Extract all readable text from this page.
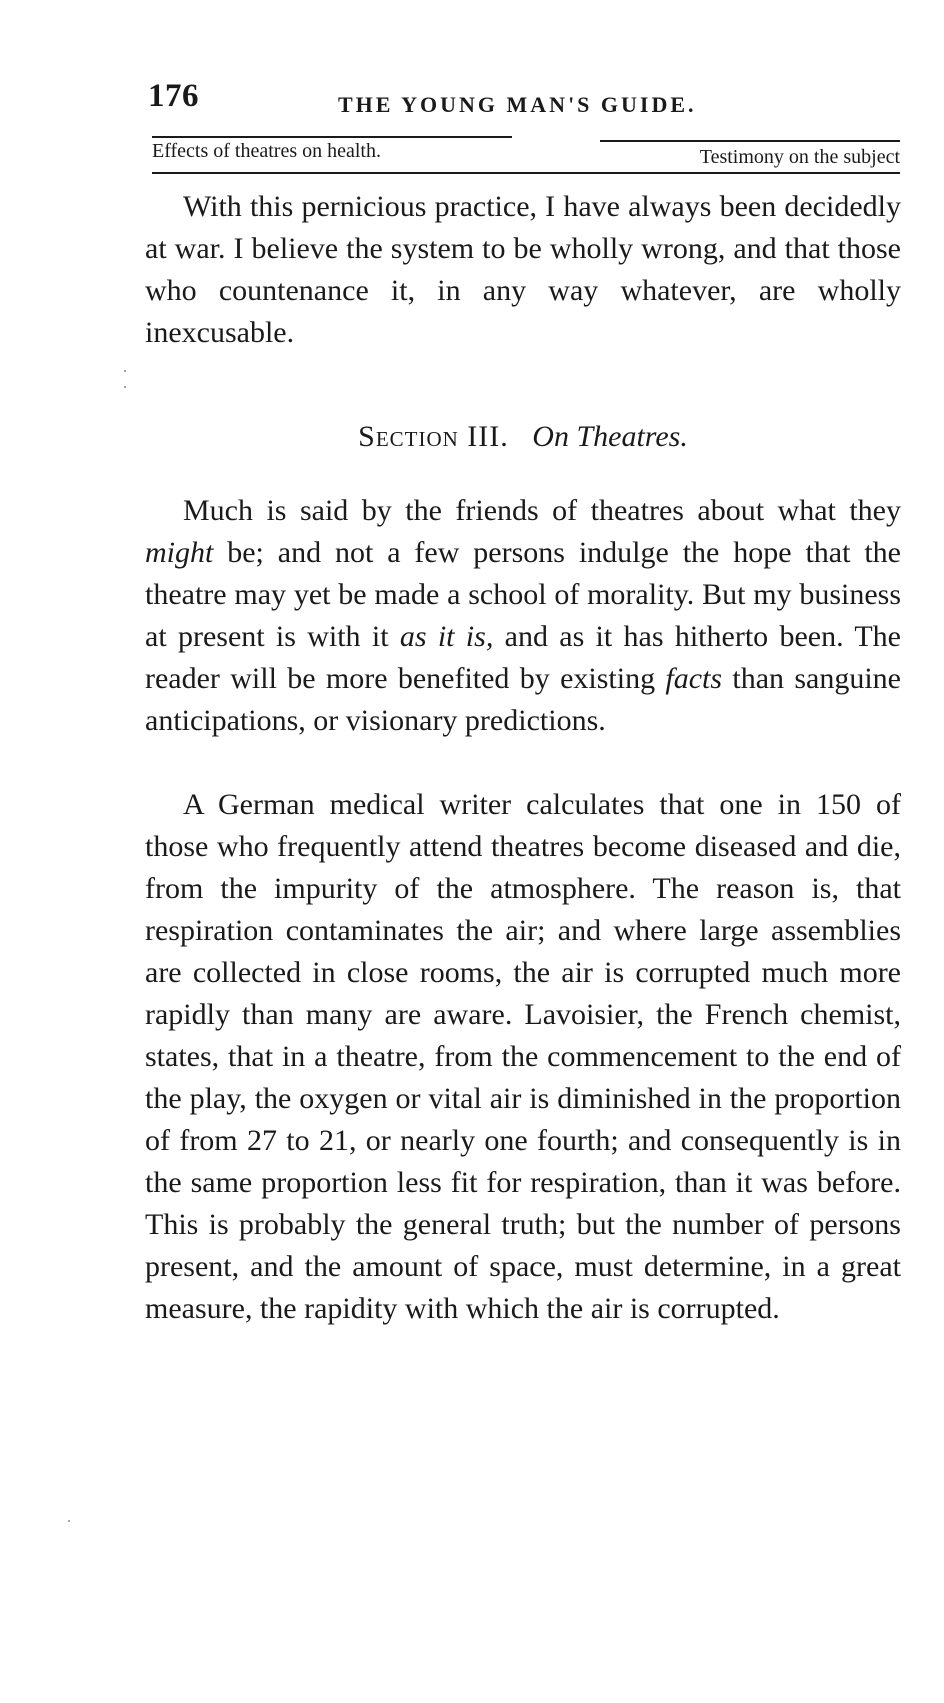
176	THE YOUNG MAN'S GUIDE.
Effects of theatres on health.	Testimony on the subject

With this pernicious practice, I have always been decidedly at war. I believe the system to be wholly wrong, and that those who countenance it, in any way whatever, are wholly inexcusable.

Section III. On Theatres.

Much is said by the friends of theatres about what they might be; and not a few persons indulge the hope that the theatre may yet be made a school of morality. But my business at present is with it as it is, and as it has hitherto been. The reader will be more benefited by existing facts than sanguine anticipations, or visionary predictions.

A German medical writer calculates that one in 150 of those who frequently attend theatres become diseased and die, from the impurity of the atmosphere. The reason is, that respiration contaminates the air; and where large assemblies are collected in close rooms, the air is corrupted much more rapidly than many are aware. Lavoisier, the French chemist, states, that in a theatre, from the commencement to the end of the play, the oxygen or vital air is diminished in the proportion of from 27 to 21, or nearly one fourth; and consequently is in the same proportion less fit for respiration, than it was before. This is probably the general truth; but the number of persons present, and the amount of space, must determine, in a great measure, the rapidity with which the air is corrupted.
